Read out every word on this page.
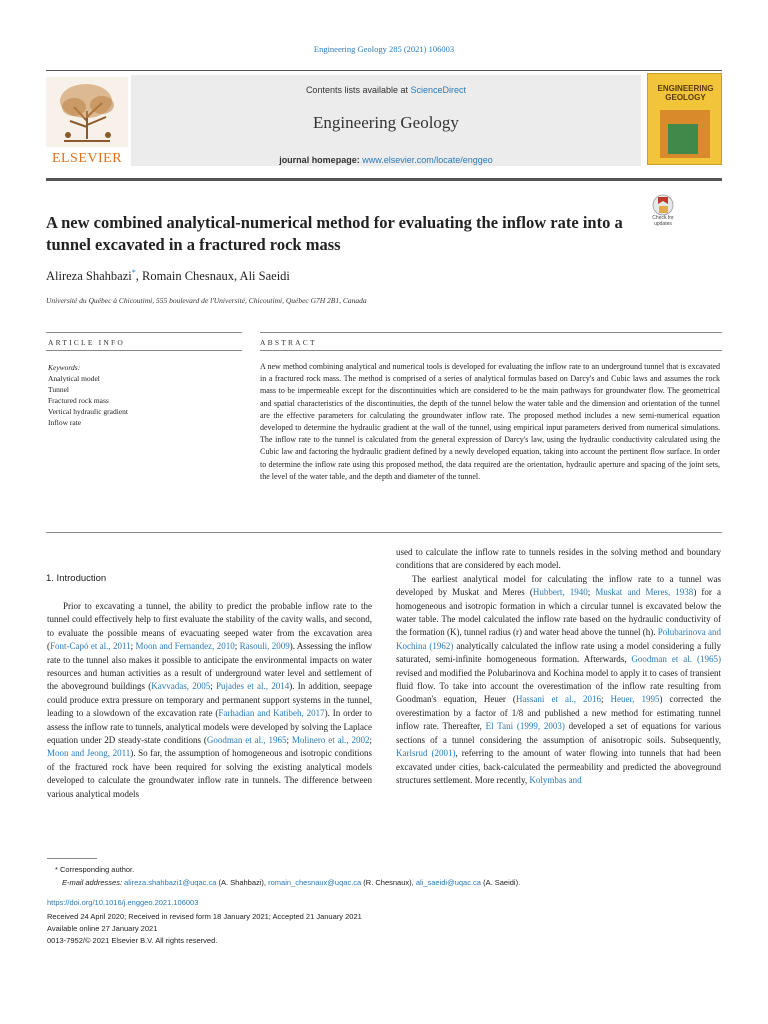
Engineering Geology 285 (2021) 106003
ELSEVIER
Contents lists available at ScienceDirect
Engineering Geology
journal homepage: www.elsevier.com/locate/enggeo
ENGINEERING
GEOLOGY
A new combined analytical-numerical method for evaluating the inflow rate into a tunnel excavated in a fractured rock mass
Check for
updates
Alireza Shahbazi*, Romain Chesnaux, Ali Saeidi
Université du Québec à Chicoutimi, 555 boulevard de l'Université, Chicoutimi, Québec G7H 2B1, Canada
ARTICLE INFO	ABSTRACT
Keywords:
Analytical model
Tunnel
Fractured rock mass
Vertical hydraulic gradient
Inflow rate
A new method combining analytical and numerical tools is developed for evaluating the inflow rate to an underground tunnel that is excavated in a fractured rock mass. The method is comprised of a series of analytical formulas based on Darcy's and Cubic laws and assumes the rock mass to be impermeable except for the discontinuities which are considered to be the main pathways for groundwater flow. The geometrical and spatial characteristics of the discontinuities, the depth of the tunnel below the water table and the dimension and orientation of the tunnel are the effective parameters for calculating the groundwater inflow rate. The proposed method includes a new semi-numerical equation developed to determine the hydraulic gradient at the wall of the tunnel, using empirical input parameters derived from numerical simulations. The inflow rate to the tunnel is calculated from the general expression of Darcy's law, using the hydraulic conductivity calculated using the Cubic law and factoring the hydraulic gradient defined by a newly developed equation, taking into account the pertinent flow surface. In order to determine the inflow rate using this proposed method, the data required are the orientation, hydraulic aperture and spacing of the joint sets, the level of the water table, and the depth and diameter of the tunnel.
1. Introduction

Prior to excavating a tunnel, the ability to predict the probable inflow rate to the tunnel could effectively help to first evaluate the stability of the cavity walls, and second, to evaluate the possible means of evacuating seeped water from the excavation area (Font-Capó et al., 2011; Moon and Fernandez, 2010; Rasouli, 2009). Assessing the inflow rate to the tunnel also makes it possible to anticipate the environmental impacts on water resources and human activities as a result of underground water level and settlement of the aboveground buildings (Kavvadas, 2005; Pujades et al., 2014). In addition, seepage could produce extra pressure on temporary and permanent support systems in the tunnel, leading to a slowdown of the excavation rate (Farhadian and Katibeh, 2017). In order to assess the inflow rate to tunnels, analytical models were developed by solving the Laplace equation under 2D steady-state conditions (Goodman et al., 1965; Molinero et al., 2002; Moon and Jeong, 2011). So far, the assumption of homogeneous and isotropic conditions of the fractured rock have been required for solving the existing analytical models developed to calculate the groundwater inflow rate in tunnels. The difference between various analytical models

used to calculate the inflow rate to tunnels resides in the solving method and boundary conditions that are considered by each model.

The earliest analytical model for calculating the inflow rate to a tunnel was developed by Muskat and Meres (Hubbert, 1940; Muskat and Meres, 1938) for a homogeneous and isotropic formation in which a circular tunnel is excavated below the water table. The model calculated the inflow rate based on the hydraulic conductivity of the formation (K), tunnel radius (r) and water head above the tunnel (h). Polubarinova and Kochina (1962) analytically calculated the inflow rate using a model considering a fully saturated, semi-infinite homogeneous formation. Afterwards, Goodman et al. (1965) revised and modified the Polubarinova and Kochina model to apply it to cases of transient fluid flow. To take into account the overestimation of the inflow rate resulting from Goodman's equation, Heuer (Hassani et al., 2016; Heuer, 1995) corrected the overestimation by a factor of 1/8 and published a new method for estimating tunnel inflow rate. Thereafter, El Tani (1999, 2003) developed a set of equations for various sections of a tunnel considering the assumption of anisotropic soils. Subsequently, Karlsrud (2001), referring to the amount of water flowing into tunnels that had been excavated under cities, back-calculated the permeability and predicted the aboveground structures settlement. More recently, Kolymbas and

* Corresponding author.
E-mail addresses: alireza.shahbazi1@uqac.ca (A. Shahbazi), romain_chesnaux@uqac.ca (R. Chesnaux), ali_saeidi@uqac.ca (A. Saeidi).
https://doi.org/10.1016/j.enggeo.2021.106003
Received 24 April 2020; Received in revised form 18 January 2021; Accepted 21 January 2021
Available online 27 January 2021
0013-7952/© 2021 Elsevier B.V. All rights reserved.
